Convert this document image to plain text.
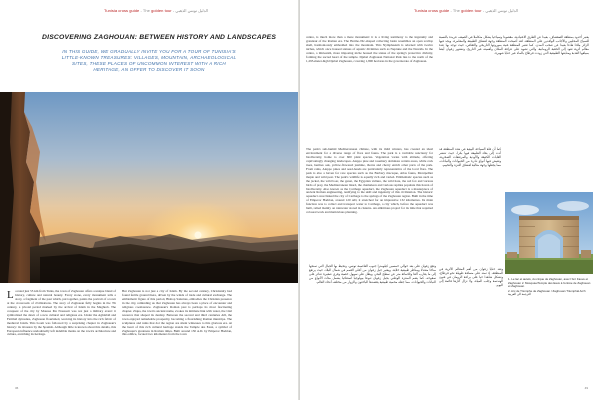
Tunisia cross guide - The golden tour - الدليل تونس الذهبي
DISCOVERING ZAGHOUAN: BETWEEN HISTORY AND LANDSCAPES
IN THIS GUIDE, WE GRADUALLY INVITE YOU FOR A TOUR OF TUNISIA'S LITTLE-KNOWN TREASURES: VILLAGES, MOUNTAIN, ARCHAEOLOGICAL SITES, THESE PLACES OF UNCOMMON INTEREST WITH A RICH HERITAGE, AN OFFER TO DISCOVER IT SOON

Located just 55 km from Tunis, the town of Zaghouan offers a unique blend of history, culture and natural beauty. Every stone, every monument tells a story, a fragment of the past which, put together, paints the portrait of a town at the crossroads of civilizations. The story of Zaghouan fully begins in the 7th century, a pivotal period marked by the arrival of Islam in the Maghreb. The conquest of the city by Moussa Ibn Noussair was not just a military event: it symbolized the dawn of a new cultural and religious era. Under the Aghlabid and Fatimid dynasties, Zaghouan flourished, weaving its history into the rich fabric of medieval Islam. This boom was followed by a surprising chapter in Zaghouan's history: its invasion by the Spanish. Although little is known about this details, this European influence undoubtedly left indelible marks on the town's architecture and culture, enriching its heritage.

But Zaghouan is not just a city of Islam. By the second century, Christianity had found fertile ground there, driven by the winds of trade and cultural exchange. The emblematic figure of this period, Bishop Saturnus, embodies the Christian presence in the city, reminding us that Zaghouan has always been a place of encounter and religious coexistence. Zaghouan's Roman past is perhaps its most fascinating chapter. Ziqua, the town's ancient name, evokes its intimate link with water, the vital resource that shaped its destiny. Between the second and third centuries AD, the town enjoyed remarkable prosperity, becoming a flourishing Roman municipe. The sculptures and ruins that dot the region are silent witnesses to this glorious era. At the heart of this rich cultural heritage stands the Temple des Eaux, a symbol of Zaghouan's greatness in Roman times. Built around 130 A.D. by Emperor Hadrian, this edifice, located two kilometers from the town

36
Tunisia cross guide - The golden tour - الدليل تونس الذهبي

centre, is much more than a mere monument: it is a living testimony to the ingenuity and grandeur of the Roman era. The Hermo-Nic-shaped collecting basin resembles an open scallop shell, harmoniously embedded into the mountain. This Nymphaeum is adorned with twelve niches, which once housed statues of aquatic divinities such as Neptune and the Nereids. In the centre, a thirteenth, more imposing niche housed the statue of the spring's protective divinity, forming the sacred heart of the temple. Djebel Zaghouan National Park lies to the north of the 1,295-meter-high Djebel Zaghouan, covering 1,800 hectares in the governorate of Zaghouan.

يعتبر أخدود بمنطقة الصفصاف، بعيدا عن الطرق الاعتيادية، مقصودا وسياحيا يشكل متكاملا في الصيف، فريدة بالنسبة للسياح المحليين والأجانب الوافدين على المنطقة. لقد أصبحت المنطقة وجهة لعشاق الطبيعة والمغامرة، ويجد فيها الزائر ملاذا هادئا بعيدا عن صخب المدن. كما تعتبر المنطقة غنية بموروثها التاريخي والثقافي، حيث توجد بها عدة معالم أثرية تعود إلى الحقبة الرومانية، والتي تشهد على عراقة المكان وأهميته عبر التاريخ. وتشتهر زغوان أيضا بمياهها العذبة ومنابعها الطبيعية التي زودت قرطاج بالماء عبر حنايا شهيرة.

The park's sub-humid Mediterranean climate, with its mild winters, has created an ideal environment for a diverse range of flora and fauna. The park is a veritable sanctuary for biodiversity, home to over 600 plant species. Vegetation varies with altitude, offering captivatingly changing landscapes. Aleppo pine and rosemary dominate certain areas, while cork trees, hermes oak, yellow-flowered jasmine, thorns and cherry enrich other parts of the park. From rains, Aleppo pines and seed-heads are particularly representative of the local flora. The park is also a haven for rare species such as the Barbary macaque, Atlas fauna, Montpellier maple and wild pear. The park's wildlife is equally rich and varied. Emblematic species such as the jackal, the wild boar, the genet, the Egyptian vulture, the wild hare, the red fox and various birds of prey, the Mediterranean lizard, the chameleon and various reptiles populate this haven of biodiversity. Also known as the Carthage aqueduct, the Zaghouan aqueduct is a masterpiece of ancient Roman engineering, testifying to the skill and ingenuity of this civilization. The historic aqueduct once linked the city of Carthage to the springs of the Zaghouan region. Built in the time of Emperor Hadrian, around 120 AD, it stretched for an impressive 132 kilometres. Its main function was to collect and transport water to Carthage, a city which, before the aqueduct was built, relied mainly on rainwater stored in cisterns. An ambitious project for its time that required colossal work and meticulous planning.

كما أن قلة السياحة البيئية في هذه المنطقة قد أدت إلى بقاء الطبيعة فيها بكرا، حيث تنتشر الغابات الكثيفة والأودية والمرتفعات الصخرية، وتعيش فيها أنواع نادرة من الحيوانات والنباتات، مما يجعلها وجهة مثالية لعشاق التنزه والتخييم.

وتعد حنايا زغوان من أهم المعالم الأثرية في المنطقة، إذ تمتد على مسافة طويلة نحو قرطاج، وتشكل شاهدا حيا على براعة الرومان في فنون الهندسة وجلب المياه، ولا تزال آثارها قائمة إلى اليوم.

وتقع زغوان على بعد حوالي خمسين كيلومترا جنوب العاصمة تونس، وتحيط بها الجبال التي تمنحها مناخا معتدلا ومناظر طبيعية خلابة. ويعتبر جبل زغوان من أعلى القمم في شمال البلاد، حيث يرتفع إلى ما يقارب ألفا وثلاثمائة متر عن سطح البحر، ويطل على سهول خصبة وقرى صغيرة تتناثر على سفوحه. كما يضم المنتزه الوطني بجبل زغوان تنوعا بيولوجيا استثنائيا يشمل مئات الأنواع من النباتات والحيوانات، مما جعله محمية طبيعية يقصدها الباحثون والزوار من مختلف أنحاء العالم.

1. Le lac et autels, du cirque de Zaghouan, avec l'Arc Fauve et Zaghouan 2. Mosquée/Temple des Eaux à l'entrée de Zaghouan et Zaghouan

2. Arc de Triomphe de Zaghouan / Zaghouan Triumphal Arch الترجمة الى العربية

49
